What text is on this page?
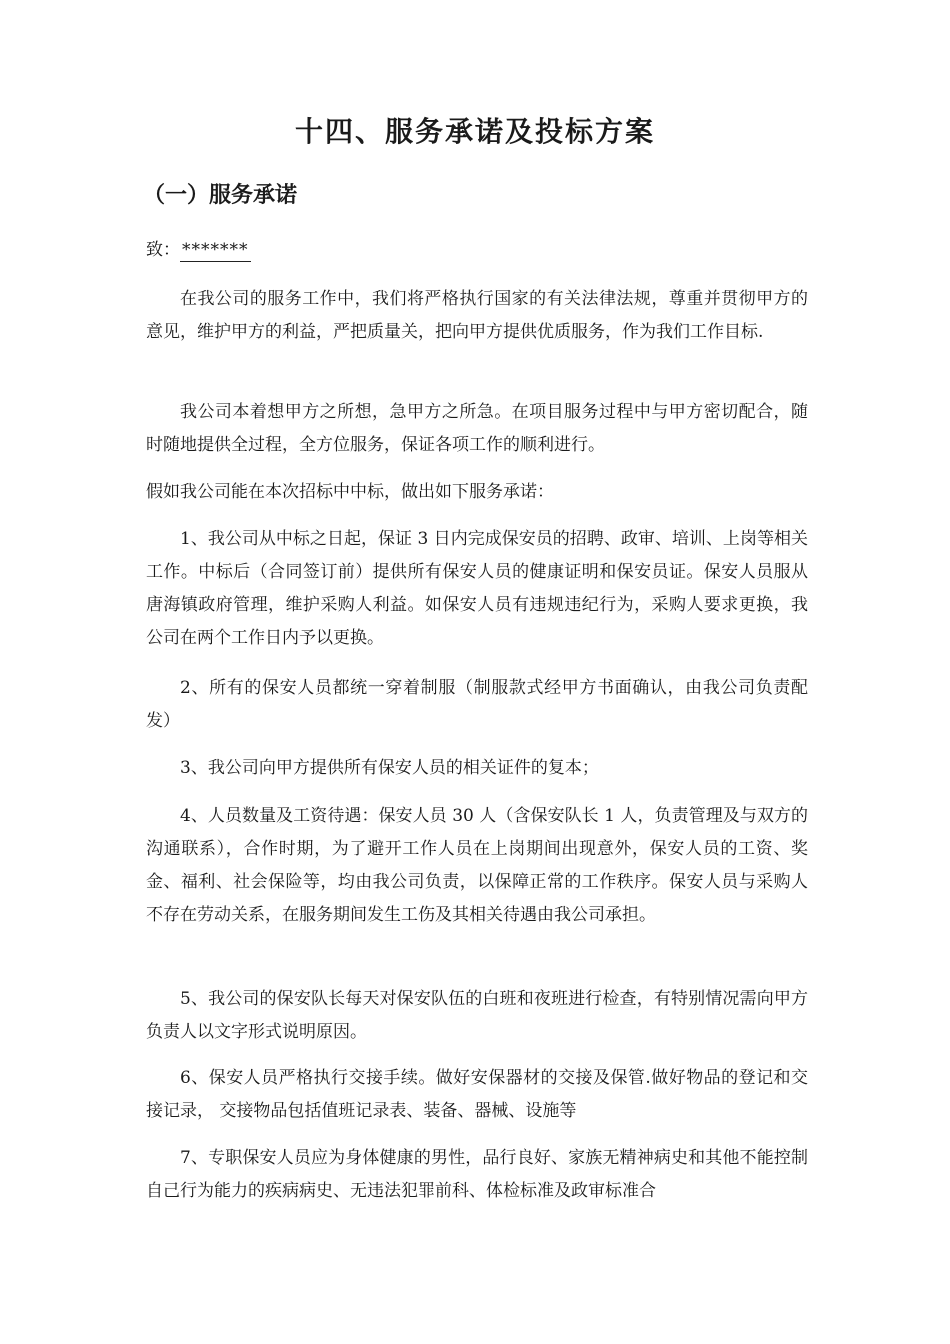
十四、服务承诺及投标方案
（一）服务承诺
致： *******

在我公司的服务工作中，我们将严格执行国家的有关法律法规，尊重并贯彻甲方的意见，维护甲方的利益，严把质量关，把向甲方提供优质服务，作为我们工作目标.

我公司本着想甲方之所想，急甲方之所急。在项目服务过程中与甲方密切配合，随时随地提供全过程，全方位服务，保证各项工作的顺利进行。

假如我公司能在本次招标中中标，做出如下服务承诺：

1、我公司从中标之日起，保证 3 日内完成保安员的招聘、政审、培训、上岗等相关工作。中标后（合同签订前）提供所有保安人员的健康证明和保安员证。保安人员服从唐海镇政府管理，维护采购人利益。如保安人员有违规违纪行为，采购人要求更换，我公司在两个工作日内予以更换。

2、所有的保安人员都统一穿着制服（制服款式经甲方书面确认，由我公司负责配发）

3、我公司向甲方提供所有保安人员的相关证件的复本；

4、人员数量及工资待遇：保安人员 30 人（含保安队长 1 人，负责管理及与双方的沟通联系），合作时期，为了避开工作人员在上岗期间出现意外，保安人员的工资、奖金、福利、社会保险等，均由我公司负责，以保障正常的工作秩序。保安人员与采购人不存在劳动关系，在服务期间发生工伤及其相关待遇由我公司承担。

5、我公司的保安队长每天对保安队伍的白班和夜班进行检查，有特别情况需向甲方负责人以文字形式说明原因。

6、保安人员严格执行交接手续。做好安保器材的交接及保管.做好物品的登记和交接记录， 交接物品包括值班记录表、装备、器械、设施等

7、专职保安人员应为身体健康的男性，品行良好、家族无精神病史和其他不能控制自己行为能力的疾病病史、无违法犯罪前科、体检标准及政审标准合
